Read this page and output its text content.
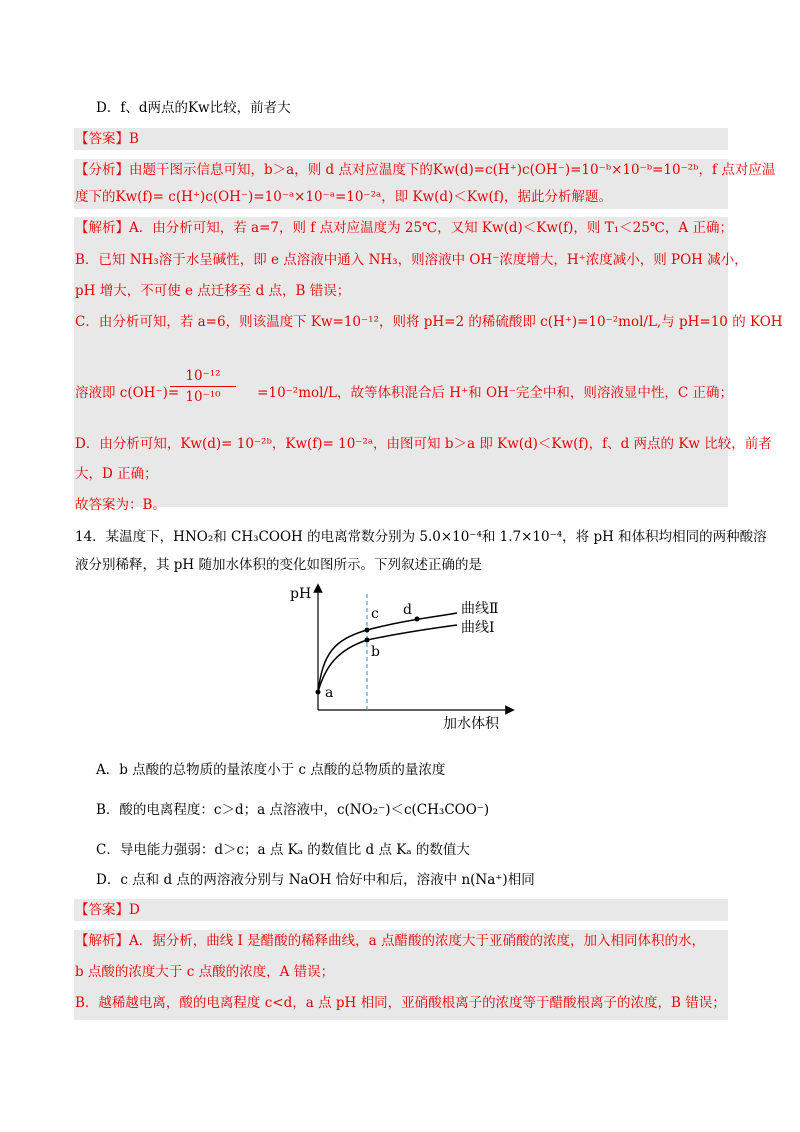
D．f、d两点的Kw比较，前者大
【答案】B
【分析】由题干图示信息可知，b＞a，则 d 点对应温度下的Kw(d)=c(H⁺)c(OH⁻)=10⁻ᵇ×10⁻ᵇ=10⁻²ᵇ，f 点对应温
度下的Kw(f)= c(H⁺)c(OH⁻)=10⁻ᵃ×10⁻ᵃ=10⁻²ᵃ，即 Kw(d)＜Kw(f)，据此分析解题。
【解析】A．由分析可知，若 a=7，则 f 点对应温度为 25℃，又知 Kw(d)＜Kw(f)，则 T₁＜25℃，A 正确；
B．已知 NH₃溶于水呈碱性，即 e 点溶液中通入 NH₃，则溶液中 OH⁻浓度增大，H⁺浓度减小，则 POH 减小，
pH 增大，不可使 e 点迁移至 d 点，B 错误；
C．由分析可知，若 a=6，则该温度下 Kw=10⁻¹²，则将 pH=2 的稀硫酸即 c(H⁺)=10⁻²mol/L,与 pH=10 的 KOH
溶液即 c(OH⁻)=	=10⁻²mol/L，故等体积混合后 H⁺和 OH⁻完全中和，则溶液显中性，C 正确；
10⁻¹²
10⁻¹⁰
D．由分析可知，Kw(d)= 10⁻²ᵇ，Kw(f)= 10⁻²ᵃ，由图可知 b＞a 即 Kw(d)＜Kw(f)，f、d 两点的 Kw 比较，前者
大，D 正确；
故答案为：B。
14．某温度下，HNO₂和 CH₃COOH 的电离常数分别为 5.0×10⁻⁴和 1.7×10⁻⁴，将 pH 和体积均相同的两种酸溶
液分别稀释，其 pH 随加水体积的变化如图所示。下列叙述正确的是
pH
加水体积
a
c
b
d	曲线Ⅱ
曲线Ⅰ
A．b 点酸的总物质的量浓度小于 c 点酸的总物质的量浓度
B．酸的电离程度：c＞d；a 点溶液中，c(NO₂⁻)＜c(CH₃COO⁻)
C．导电能力强弱：d＞c；a 点 Kₐ 的数值比 d 点 Kₐ 的数值大
D．c 点和 d 点的两溶液分别与 NaOH 恰好中和后，溶液中 n(Na⁺)相同
【答案】D
【解析】A．据分析，曲线 I 是醋酸的稀释曲线，a 点醋酸的浓度大于亚硝酸的浓度，加入相同体积的水，
b 点酸的浓度大于 c 点酸的浓度，A 错误；
B．越稀越电离，酸的电离程度 c<d，a 点 pH 相同，亚硝酸根离子的浓度等于醋酸根离子的浓度，B 错误；
